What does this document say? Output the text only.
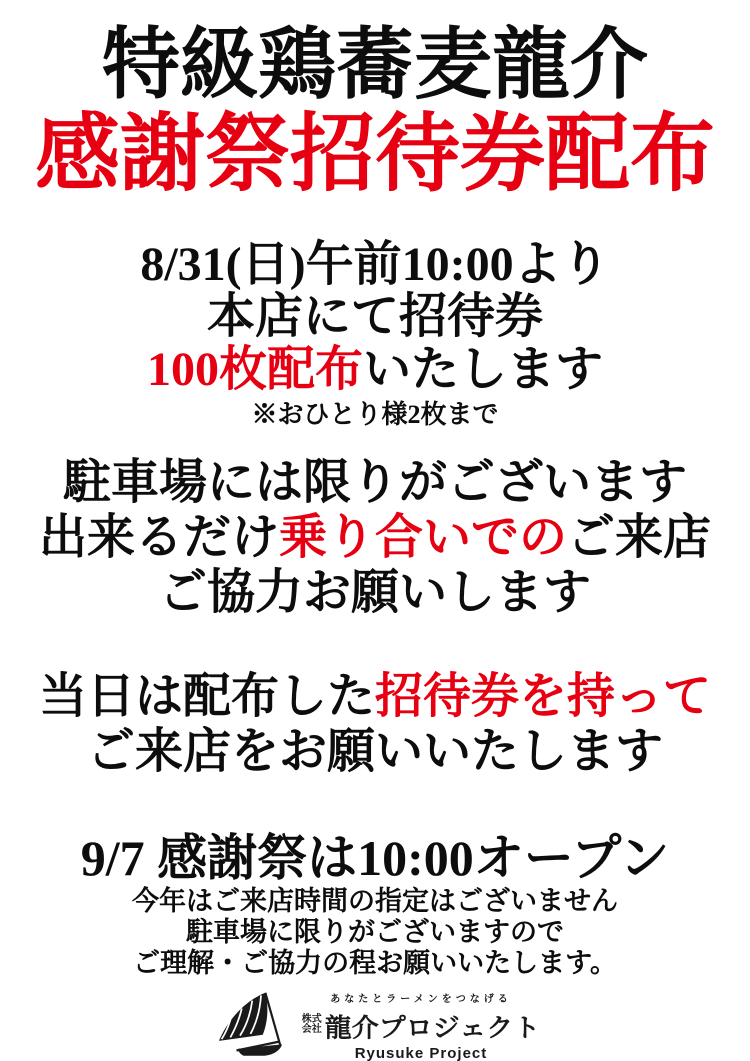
特級鶏蕎麦龍介
感謝祭招待券配布
8/31(日)午前10:00より
本店にて招待券
100枚配布いたします
※おひとり様2枚まで
駐車場には限りがございます
出来るだけ乗り合いでのご来店
ご協力お願いします
当日は配布した招待券を持って
ご来店をお願いいたします
9/7 感謝祭は10:00オープン
今年はご来店時間の指定はございません
駐車場に限りがございますので
ご理解・ご協力の程お願いいたします。
あなたとラーメンをつなげる
株式会社 龍介プロジェクト
Ryusuke Project
